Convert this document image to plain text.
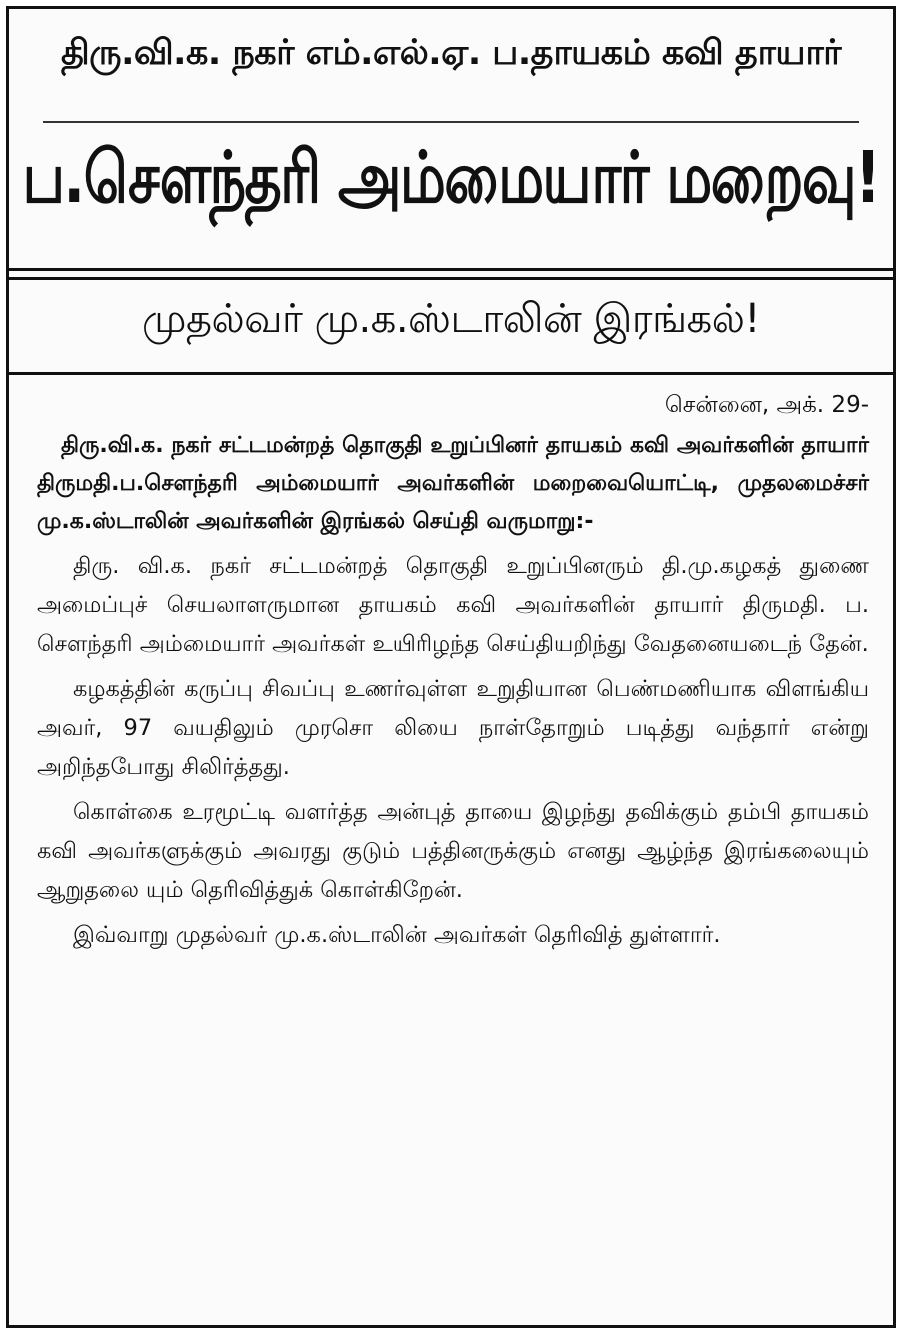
திரு.வி.க. நகர் எம்.எல்.ஏ. ப.தாயகம் கவி தாயார்
ப.சௌந்தரி அம்மையார் மறைவு!
முதல்வர் மு.க.ஸ்டாலின் இரங்கல்!

சென்னை, அக். 29-

திரு.வி.க. நகர் சட்டமன்றத் தொகுதி உறுப்பினர் தாயகம் கவி அவர்களின் தாயார் திருமதி.ப.சௌந்தரி அம்மையார் அவர்களின் மறைவையொட்டி, முதலமைச்சர் மு.க.ஸ்டாலின் அவர்களின் இரங்கல் செய்தி வருமாறு:-

திரு. வி.க. நகர் சட்டமன்றத் தொகுதி உறுப்பினரும் தி.மு.கழகத் துணை அமைப்புச் செயலாளருமான தாயகம் கவி அவர்களின் தாயார் திருமதி. ப. சௌந்தரி அம்மையார் அவர்கள் உயிரிழந்த செய்தியறிந்து வேதனையடைந் தேன்.

கழகத்தின் கருப்பு சிவப்பு உணர்வுள்ள உறுதியான பெண்மணியாக விளங்கிய அவர், 97 வயதிலும் முரசொ லியை நாள்தோறும் படித்து வந்தார் என்று அறிந்தபோது சிலிர்த்தது.

கொள்கை உரமூட்டி வளர்த்த அன்புத் தாயை இழந்து தவிக்கும் தம்பி தாயகம் கவி அவர்களுக்கும் அவரது குடும் பத்தினருக்கும் எனது ஆழ்ந்த இரங்கலையும் ஆறுதலை யும் தெரிவித்துக் கொள்கிறேன்.

இவ்வாறு முதல்வர் மு.க.ஸ்டாலின் அவர்கள் தெரிவித் துள்ளார்.
